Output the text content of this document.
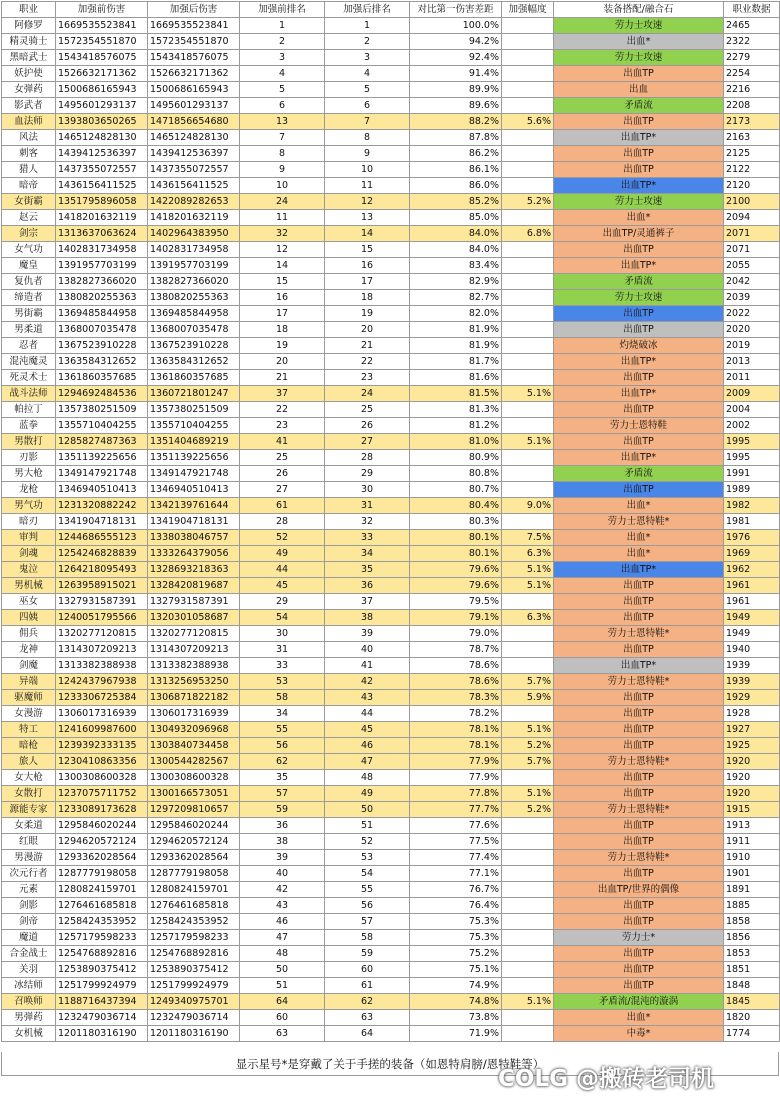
职业	加强前伤害	加强后伤害	加强前排名	加强后排名	对比第一伤害差距	加强幅度	装备搭配/融合石	职业数据
阿修罗	1669535523841	1669535523841	1	1	100.0%		劳力士攻速	2465
精灵骑士	1572354551870	1572354551870	2	2	94.2%		出血*	2322
黑暗武士	1543418576075	1543418576075	3	3	92.4%		劳力士攻速	2279
妖护使	1526632171362	1526632171362	4	4	91.4%		出血TP	2254
女弹药	1500686165943	1500686165943	5	5	89.9%		出血	2216
影武者	1495601293137	1495601293137	6	6	89.6%		矛盾流	2208
血法师	1393803650265	1471856654680	13	7	88.2%	5.6%	出血TP	2173
风法	1465124828130	1465124828130	7	8	87.8%		出血TP*	2163
刺客	1439412536397	1439412536397	8	9	86.2%		出血TP	2125
猎人	1437355072557	1437355072557	9	10	86.1%		出血TP	2122
暗帝	1436156411525	1436156411525	10	11	86.0%		出血TP*	2120
女街霸	1351795896058	1422089282653	24	12	85.2%	5.2%	劳力士攻速	2100
赵云	1418201632119	1418201632119	11	13	85.0%		出血*	2094
剑宗	1313637063624	1402964383950	32	14	84.0%	6.8%	出血TP/灵通裤子	2071
女气功	1402831734958	1402831734958	12	15	84.0%		出血TP	2071
魔皇	1391957703199	1391957703199	14	16	83.4%		出血TP*	2055
复仇者	1382827366020	1382827366020	15	17	82.9%		矛盾流	2042
缔造者	1380820255363	1380820255363	16	18	82.7%		劳力士攻速	2039
男街霸	1369485844958	1369485844958	17	19	82.0%		出血TP	2022
男柔道	1368007035478	1368007035478	18	20	81.9%		出血TP	2020
忍者	1367523910228	1367523910228	19	21	81.9%		灼烧破冰	2019
混沌魔灵	1363584312652	1363584312652	20	22	81.7%		出血TP*	2013
死灵术士	1361860357685	1361860357685	21	23	81.6%		出血TP	2011
战斗法师	1294692484536	1360721801247	37	24	81.5%	5.1%	出血TP*	2009
帕拉丁	1357380251509	1357380251509	22	25	81.3%		出血TP	2004
蓝拳	1355710404255	1355710404255	23	26	81.2%		劳力士恩特鞋	2002
男散打	1285827487363	1351404689219	41	27	81.0%	5.1%	出血TP	1995
刃影	1351139225656	1351139225656	25	28	80.9%		出血TP*	1995
男大枪	1349147921748	1349147921748	26	29	80.8%		矛盾流	1991
龙枪	1346940510413	1346940510413	27	30	80.7%		出血TP	1989
男气功	1231320882242	1342139761644	61	31	80.4%	9.0%	出血*	1982
暗刃	1341904718131	1341904718131	28	32	80.3%		劳力士恩特鞋*	1981
审判	1244686555123	1338038046757	52	33	80.1%	7.5%	出血*	1976
剑魂	1254246828839	1333264379056	49	34	80.1%	6.3%	出血*	1969
鬼泣	1264218095493	1328693218363	44	35	79.6%	5.1%	出血TP*	1962
男机械	1263958915021	1328420819687	45	36	79.6%	5.1%	出血TP	1961
巫女	1327931587391	1327931587391	29	37	79.5%		出血TP	1961
四姨	1240051795566	1320301058687	54	38	79.1%	6.3%	出血TP	1949
佣兵	1320277120815	1320277120815	30	39	79.0%		劳力士恩特鞋*	1949
龙神	1314307209213	1314307209213	31	40	78.7%		出血TP	1940
剑魔	1313382388938	1313382388938	33	41	78.6%		出血TP*	1939
异端	1242437967938	1313256953250	53	42	78.6%	5.7%	劳力士恩特鞋*	1939
驱魔师	1233306725384	1306871822182	58	43	78.3%	5.9%	出血TP	1929
女漫游	1306017316939	1306017316939	34	44	78.2%		出血TP	1928
特工	1241609987600	1304932096968	55	45	78.1%	5.1%	出血TP	1927
暗枪	1239392333135	1303840734458	56	46	78.1%	5.2%	出血TP	1925
旅人	1230410863356	1300544282567	62	47	77.9%	5.7%	劳力士恩特鞋*	1920
女大枪	1300308600328	1300308600328	35	48	77.9%		出血TP	1920
女散打	1237075711752	1300166573051	57	49	77.8%	5.1%	出血TP	1920
源能专家	1233089173628	1297209810657	59	50	77.7%	5.2%	劳力士恩特鞋*	1915
女柔道	1295846020244	1295846020244	36	51	77.6%		出血TP	1913
红眼	1294620572124	1294620572124	38	52	77.5%		出血TP	1911
男漫游	1293362028564	1293362028564	39	53	77.4%		劳力士恩特鞋*	1910
次元行者	1287779198058	1287779198058	40	54	77.1%		出血TP	1901
元素	1280824159701	1280824159701	42	55	76.7%		出血TP/世界的偶像	1891
剑影	1276461685818	1276461685818	43	56	76.4%		出血TP	1885
剑帝	1258424353952	1258424353952	46	57	75.3%		出血TP	1858
魔道	1257179598233	1257179598233	47	58	75.3%		劳力士*	1856
合金战士	1254768892816	1254768892816	48	59	75.2%		出血TP	1853
关羽	1253890375412	1253890375412	50	60	75.1%		出血TP	1851
冰结师	1251799924979	1251799924979	51	61	74.9%		出血TP	1848
召唤师	1188716437394	1249340975701	64	62	74.8%	5.1%	矛盾流/混沌的漩涡	1845
男弹药	1232479036714	1232479036714	60	63	73.8%		出血*	1820
女机械	1201180316190	1201180316190	63	64	71.9%		中毒*	1774
显示星号*是穿戴了关于手搓的装备（如恩特肩膀/恩特鞋等）
COLG @搬砖老司机
